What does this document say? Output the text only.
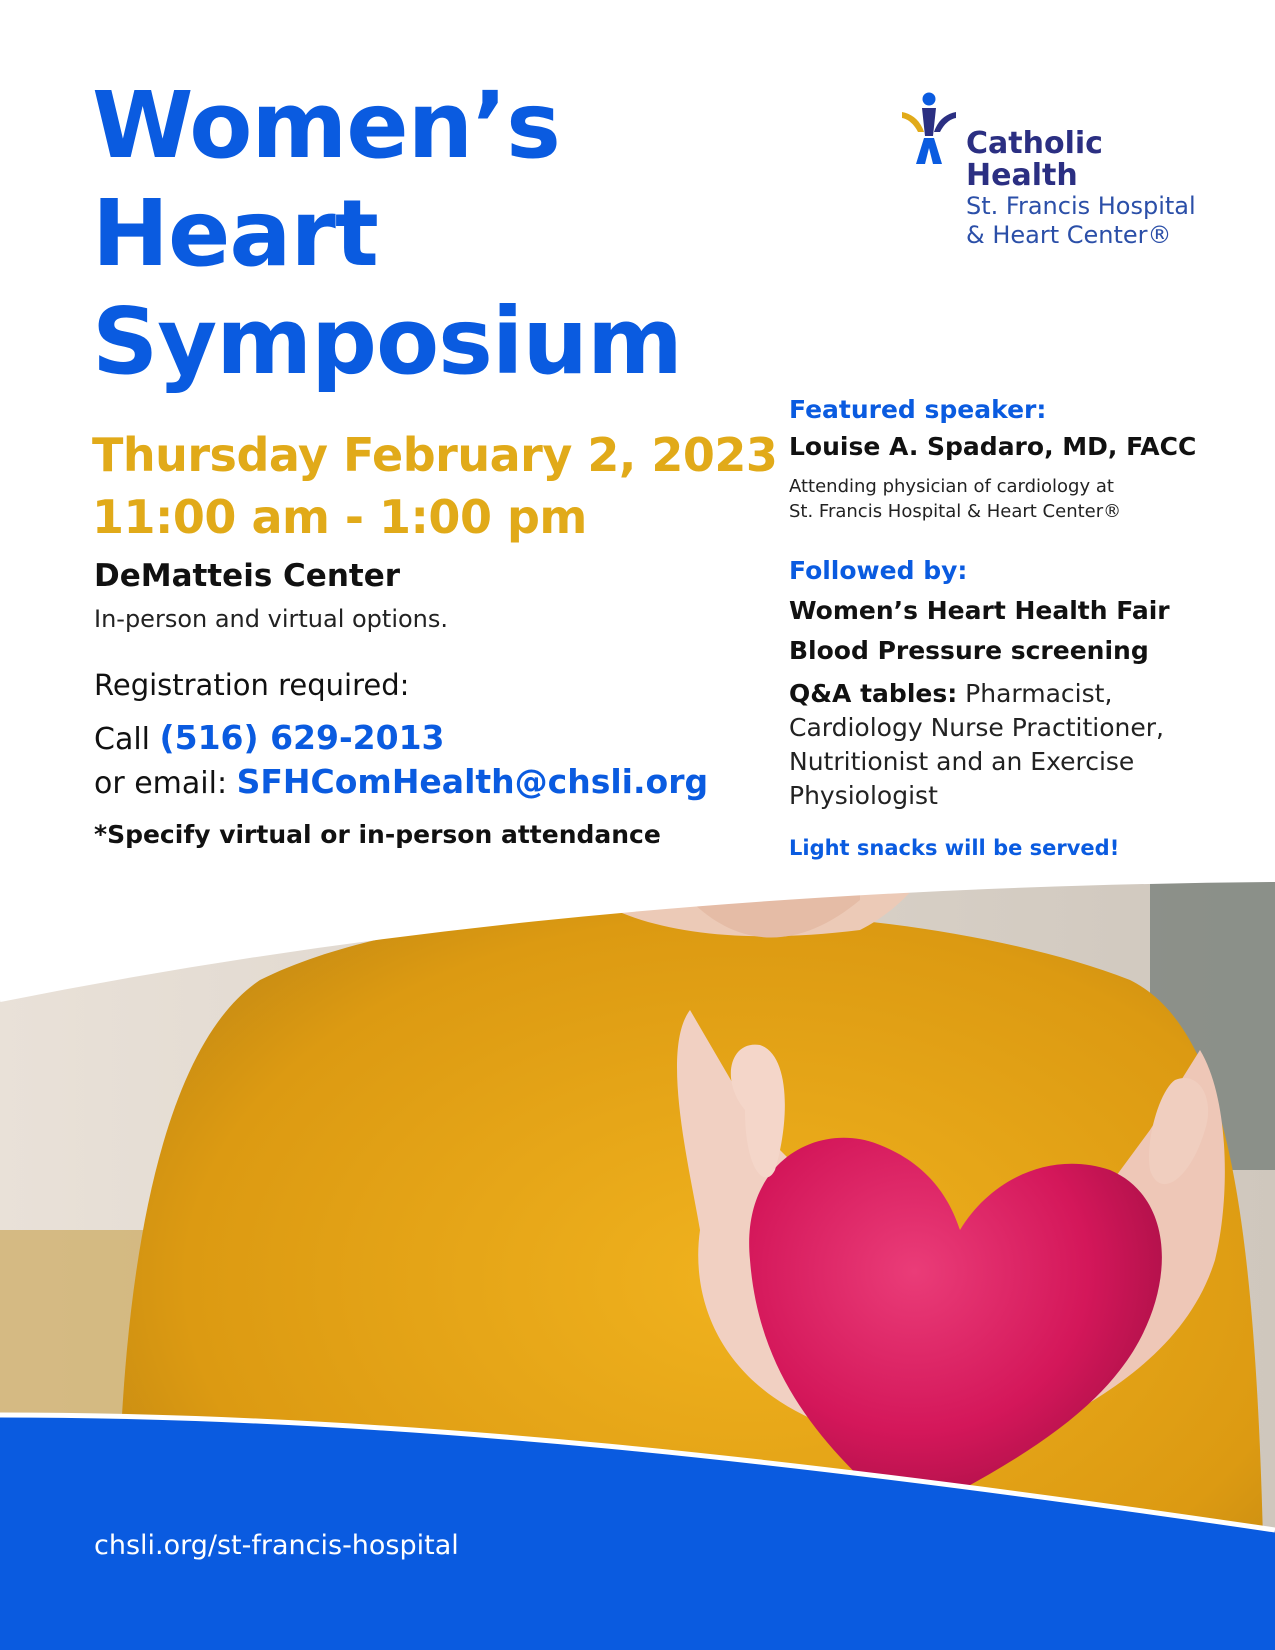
Women’s
Heart
Symposium
Thursday February 2, 2023
11:00 am - 1:00 pm
DeMatteis Center
In-person and virtual options.
Registration required:
Call (516) 629-2013
or email: SFHComHealth@chsli.org
*Specify virtual or in-person attendance
Catholic
Health
St. Francis Hospital
& Heart Center®
Featured speaker:
Louise A. Spadaro, MD, FACC
Attending physician of cardiology at
St. Francis Hospital & Heart Center®
Followed by:
Women’s Heart Health Fair
Blood Pressure screening
Q&A tables: Pharmacist, Cardiology Nurse Practitioner, Nutritionist and an Exercise Physiologist
Light snacks will be served!
chsli.org/st-francis-hospital
